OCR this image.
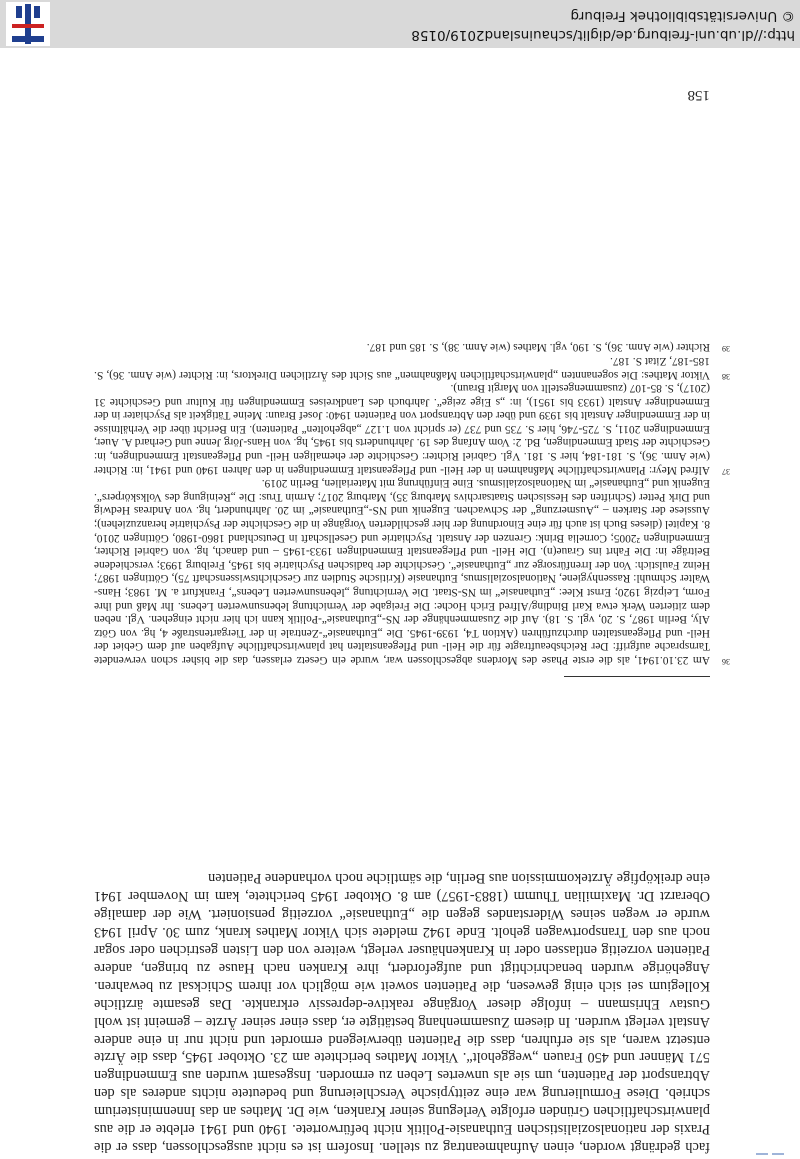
fach gedrängt worden, einen Aufnahmeantrag zu stellen. Insofern ist es nicht ausgeschlossen, dass er die Praxis der nationalsozialistischen Euthanasie-Politik nicht befürwortete. 1940 und 1941 erlebte er die aus planwirtschaftlichen Gründen erfolgte Verlegung seiner Kranken, wie Dr. Mathes an das Innenministerium schrieb. Diese Formulierung war eine zeittypische Verschleierung und bedeutete nichts anderes als den Abtransport der Patienten, um sie als unwertes Leben zu ermorden. Insgesamt wurden aus Emmendingen 571 Männer und 450 Frauen „weggeholt“. Viktor Mathes berichtete am 23. Oktober 1945, dass die Ärzte entsetzt waren, als sie erfuhren, dass die Patienten überwiegend ermordet und nicht nur in eine andere Anstalt verlegt wurden. In diesem Zusammenhang bestätigte er, dass einer seiner Ärzte – gemeint ist wohl Gustav Ehrismann – infolge dieser Vorgänge reaktive-depressiv erkrankte. Das gesamte ärztliche Kollegium sei sich einig gewesen, die Patienten soweit wie möglich vor ihrem Schicksal zu bewahren. Angehörige wurden benachrichtigt und aufgefordert, ihre Kranken nach Hause zu bringen, andere Patienten vorzeitig entlassen oder in Krankenhäuser verlegt, weitere von den Listen gestrichen oder sogar noch aus den Transportwagen geholt. Ende 1942 meldete sich Viktor Mathes krank, zum 30. April 1943 wurde er wegen seines Widerstandes gegen die „Euthanasie“ vorzeitig pensioniert. Wie der damalige Oberarzt Dr. Maximilian Thumm (1883-1957) am 8. Oktober 1945 berichtete, kam im November 1941 eine dreiköpfige Ärztekommission aus Berlin, die sämtliche noch vorhandene Patienten

36
Am 23.10.1941, als die erste Phase des Mordens abgeschlossen war, wurde ein Gesetz erlassen, das die bisher schon verwendete Tarnsprache aufgriff: Der Reichsbeauftragte für die Heil- und Pflegeanstalten hat planwirtschaftliche Aufgaben auf dem Gebiet der Heil- und Pflegeanstalten durchzuführen (Aktion T4, 1939-1945. Die „Euthanasie“-Zentrale in der Tiergartenstraße 4, hg. von Götz Aly, Berlin 1987, S. 20, vgl. S. 18). Auf die Zusammenhänge der NS-„Euthanasie“-Politik kann ich hier nicht eingehen. Vgl. neben dem zitierten Werk etwa Karl Binding/Alfred Erich Hoche: Die Freigabe der Vernichtung lebensunwerten Lebens. Ihr Maß und ihre Form, Leipzig 1920; Ernst Klee: „Euthanasie“ im NS-Staat. Die Vernichtung „lebensunwerten Lebens“, Frankfurt a. M. 1983; Hans-Walter Schmuhl: Rassenhygiene, Nationalsozialismus, Euthanasie (Kritische Studien zur Geschichtswissenschaft 75), Göttingen 1987; Heinz Faulstich: Von der Irrenfürsorge zur „Euthanasie“. Geschichte der badischen Psychiatrie bis 1945, Freiburg 1993; verschiedene Beiträge in: Die Fahrt ins Graue(n). Die Heil- und Pflegeanstalt Emmendingen 1933-1945 – und danach, hg. von Gabriel Richter, Emmendingen ²2005; Cornelia Brink: Grenzen der Anstalt. Psychiatrie und Gesellschaft in Deutschland 1860-1980, Göttingen 2010, 8. Kapitel (dieses Buch ist auch für eine Einordnung der hier geschilderten Vorgänge in die Geschichte der Psychiatrie heranzuziehen); Aussiese der Starken – „Ausmerzung“ der Schwachen. Eugenik und NS-„Euthanasie“ im 20. Jahrhundert, hg. von Andreas Hedwig und Dirk Petter (Schriften des Hessischen Staatsarchivs Marburg 35), Marburg 2017; Armin Trus: Die „Reinigung des Volkskörpers“. Eugenik und „Euthanasie“ im Nationalsozialismus. Eine Einführung mit Materialien, Berlin 2019.
37
Alfred Meyr: Planwirtschaftliche Maßnahmen in der Heil- und Pflegeanstalt Emmendingen in den Jahren 1940 und 1941, in: Richter (wie Anm. 36), S. 181-184, hier S. 181. Vgl. Gabriel Richter: Geschichte der ehemaligen Heil- und Pflegeanstalt Emmendingen, in: Geschichte der Stadt Emmendingen, Bd. 2: Vom Anfang des 19. Jahrhunderts bis 1945, hg. von Hans-Jörg Jenne und Gerhard A. Auer, Emmendingen 2011, S. 725-746, hier S. 735 und 737 (er spricht von 1.127 „abgeholten“ Patienten). Ein Bericht über die Verhältnisse in der Emmendinger Anstalt bis 1939 und über den Abtransport von Patienten 1940: Josef Braun: Meine Tätigkeit als Psychiater in der Emmendinger Anstalt (1933 bis 1951), in: „s Eige zeige“. Jahrbuch des Landkreises Emmendingen für Kultur und Geschichte 31 (2017), S. 85-107 (zusammengestellt von Margit Braun).
38
Viktor Mathes: Die sogenannten „planwirtschaftlichen Maßnahmen“ aus Sicht des Ärztlichen Direktors, in: Richter (wie Anm. 36), S. 185-187, Zitat S. 187.
39
Richter (wie Anm. 36), S. 190, vgl. Mathes (wie Anm. 38), S. 185 und 187.
158
http://dl.ub.uni-freiburg.de/diglit/schauinsland2019/0158
© Universitätsbibliothek Freiburg
